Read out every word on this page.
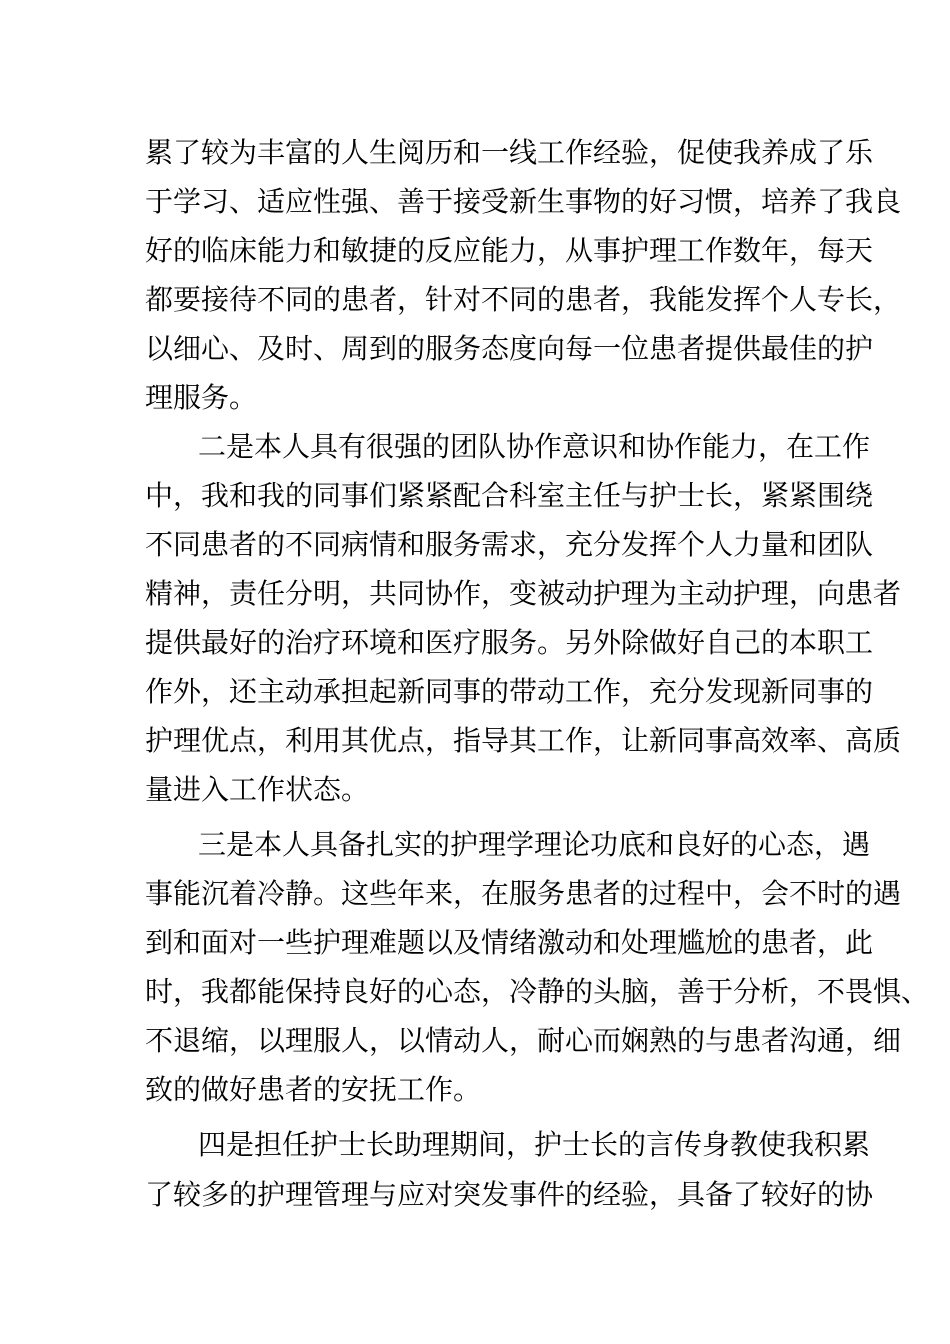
累了较为丰富的人生阅历和一线工作经验，促使我养成了乐
于学习、适应性强、善于接受新生事物的好习惯，培养了我良
好的临床能力和敏捷的反应能力，从事护理工作数年，每天
都要接待不同的患者，针对不同的患者，我能发挥个人专长，
以细心、及时、周到的服务态度向每一位患者提供最佳的护
理服务。
二是本人具有很强的团队协作意识和协作能力，在工作
中，我和我的同事们紧紧配合科室主任与护士长，紧紧围绕
不同患者的不同病情和服务需求，充分发挥个人力量和团队
精神，责任分明，共同协作，变被动护理为主动护理，向患者
提供最好的治疗环境和医疗服务。另外除做好自己的本职工
作外，还主动承担起新同事的带动工作，充分发现新同事的
护理优点，利用其优点，指导其工作，让新同事高效率、高质
量进入工作状态。
三是本人具备扎实的护理学理论功底和良好的心态，遇
事能沉着冷静。这些年来，在服务患者的过程中，会不时的遇
到和面对一些护理难题以及情绪激动和处理尴尬的患者，此
时，我都能保持良好的心态，冷静的头脑，善于分析，不畏惧、
不退缩，以理服人，以情动人，耐心而娴熟的与患者沟通，细
致的做好患者的安抚工作。
四是担任护士长助理期间，护士长的言传身教使我积累
了较多的护理管理与应对突发事件的经验，具备了较好的协
